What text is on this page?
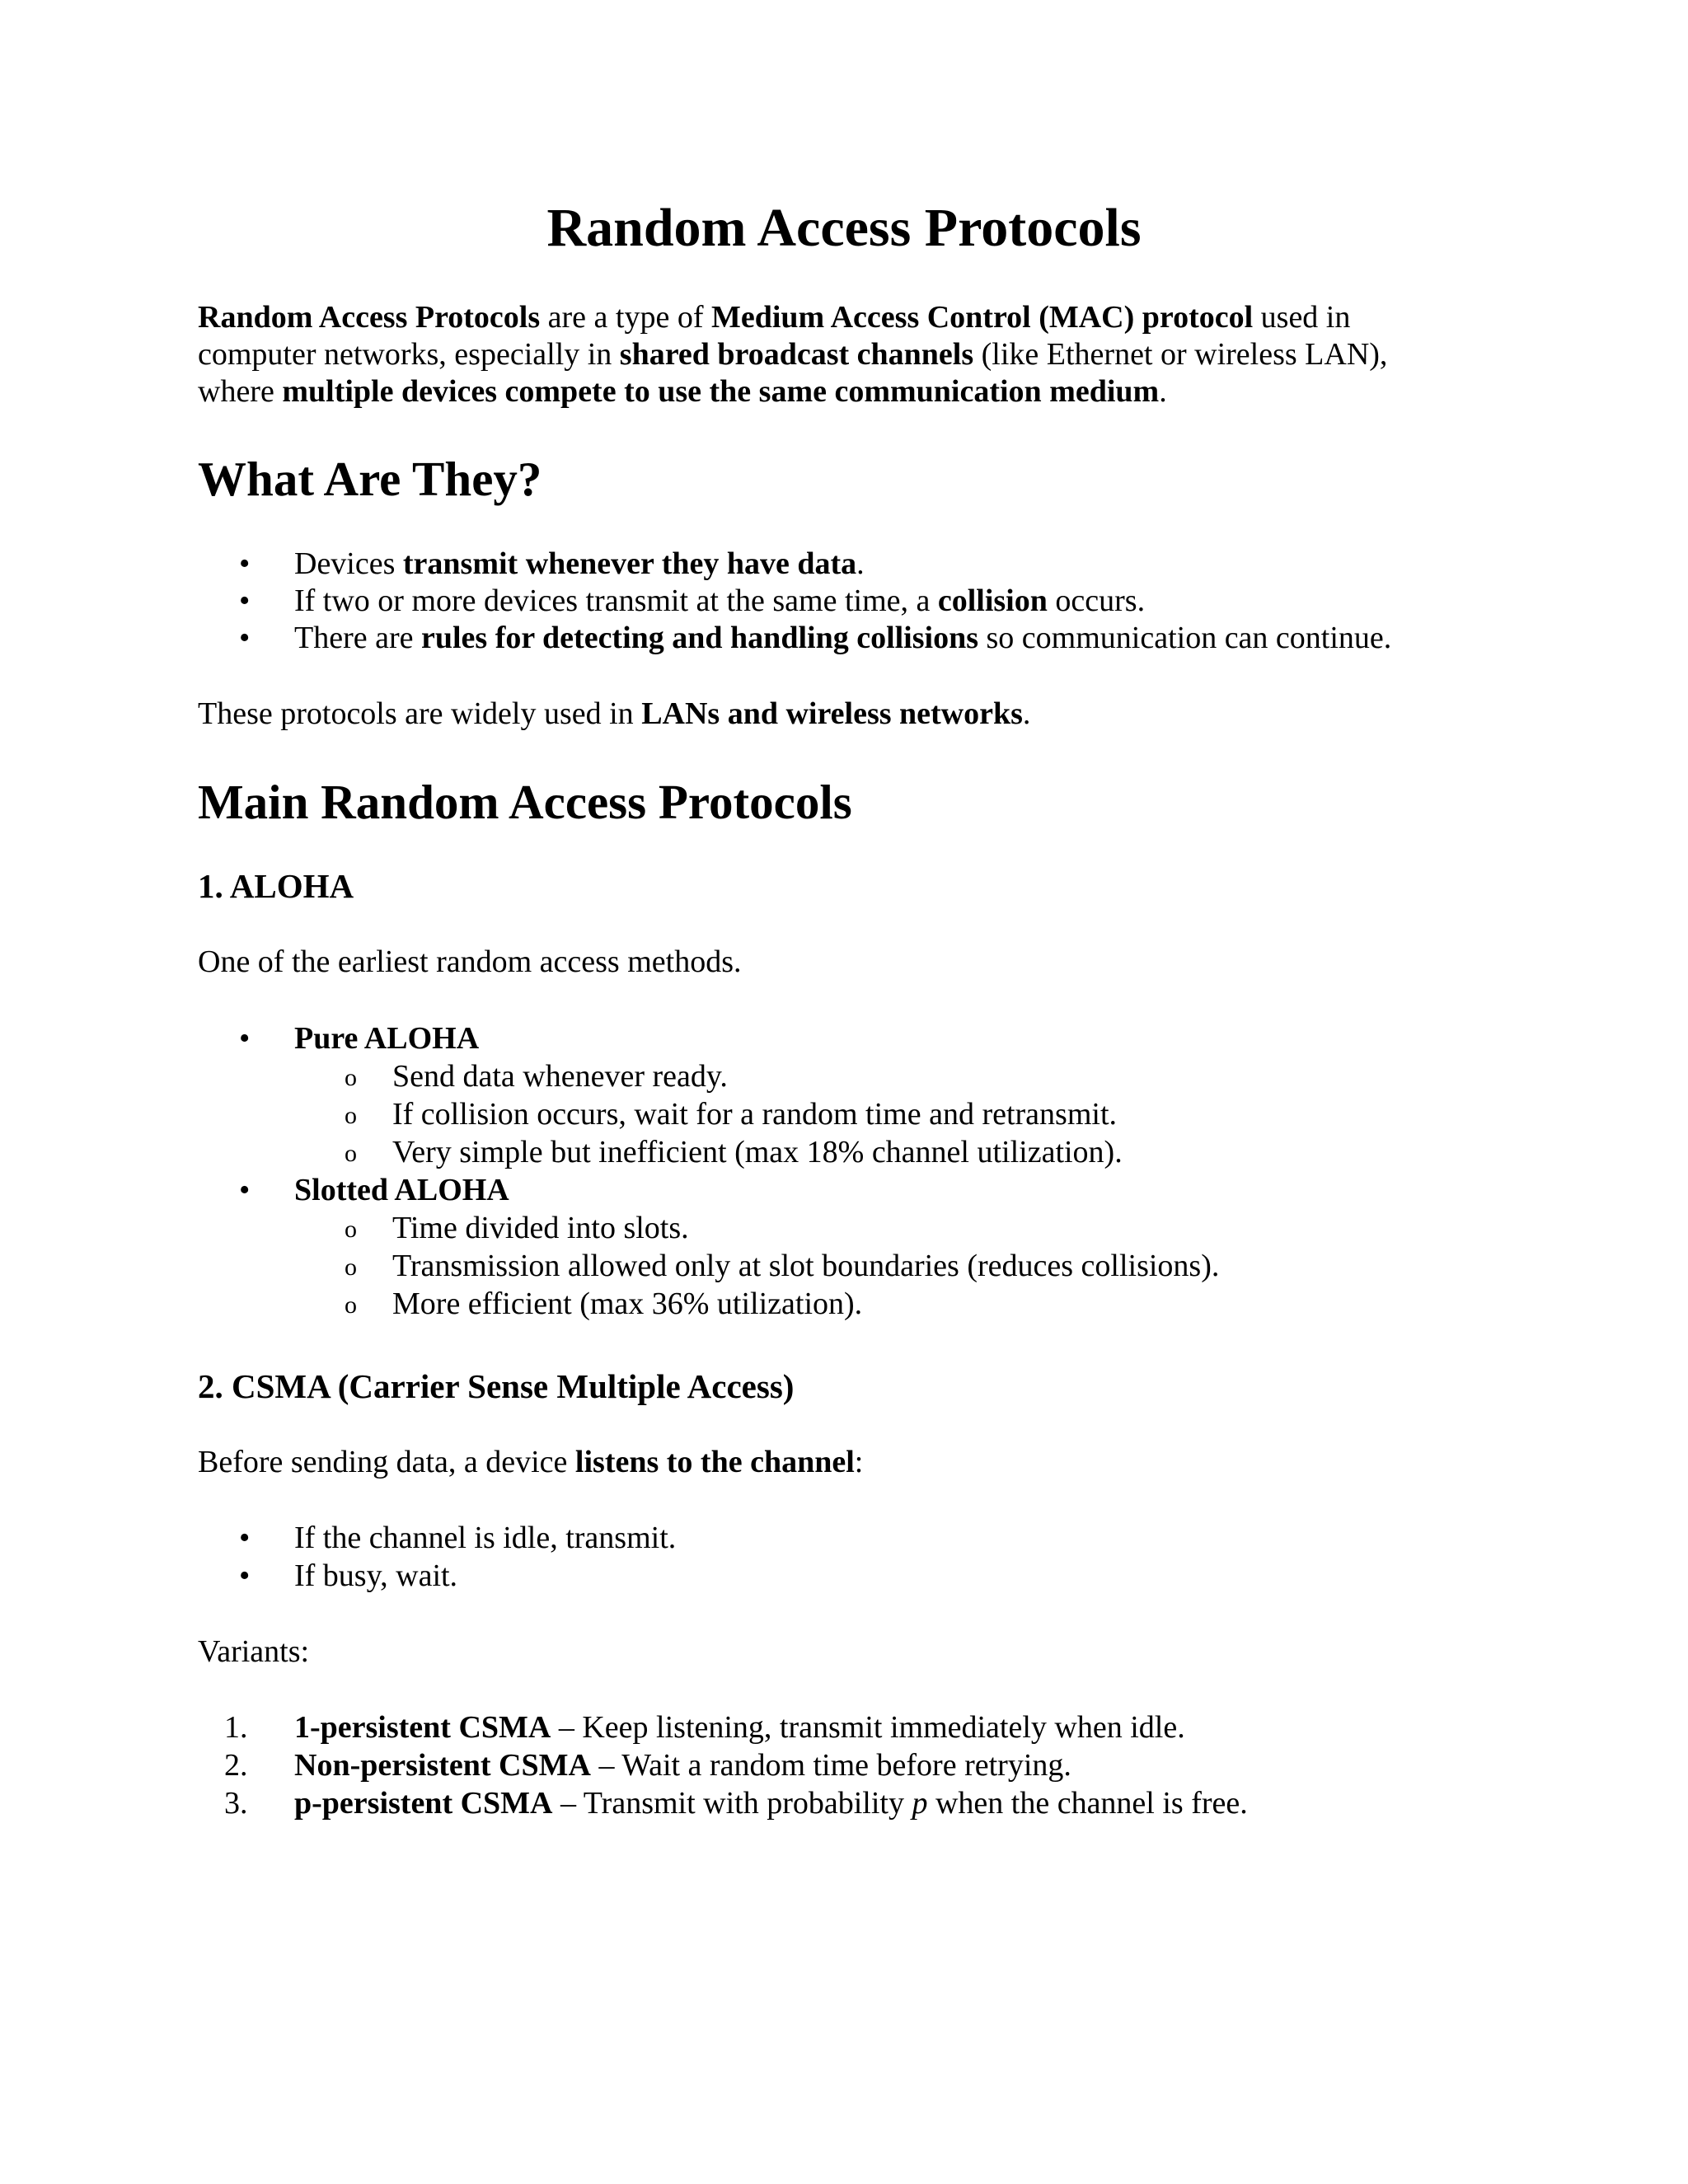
Random Access Protocols

Random Access Protocols are a type of Medium Access Control (MAC) protocol used in

computer networks, especially in shared broadcast channels (like Ethernet or wireless LAN),

where multiple devices compete to use the same communication medium.

What Are They?
• Devices transmit whenever they have data.

• If two or more devices transmit at the same time, a collision occurs.

• There are rules for detecting and handling collisions so communication can continue.

These protocols are widely used in LANs and wireless networks.

Main Random Access Protocols
1. ALOHA

One of the earliest random access methods.

• Pure ALOHA

o Send data whenever ready.

o If collision occurs, wait for a random time and retransmit.

o Very simple but inefficient (max 18% channel utilization).

• Slotted ALOHA

o Time divided into slots.

o Transmission allowed only at slot boundaries (reduces collisions).

o More efficient (max 36% utilization).

2. CSMA (Carrier Sense Multiple Access)

Before sending data, a device listens to the channel:

• If the channel is idle, transmit.

• If busy, wait.

Variants:

1. 1-persistent CSMA – Keep listening, transmit immediately when idle.

2. Non-persistent CSMA – Wait a random time before retrying.

3. p-persistent CSMA – Transmit with probability p when the channel is free.
